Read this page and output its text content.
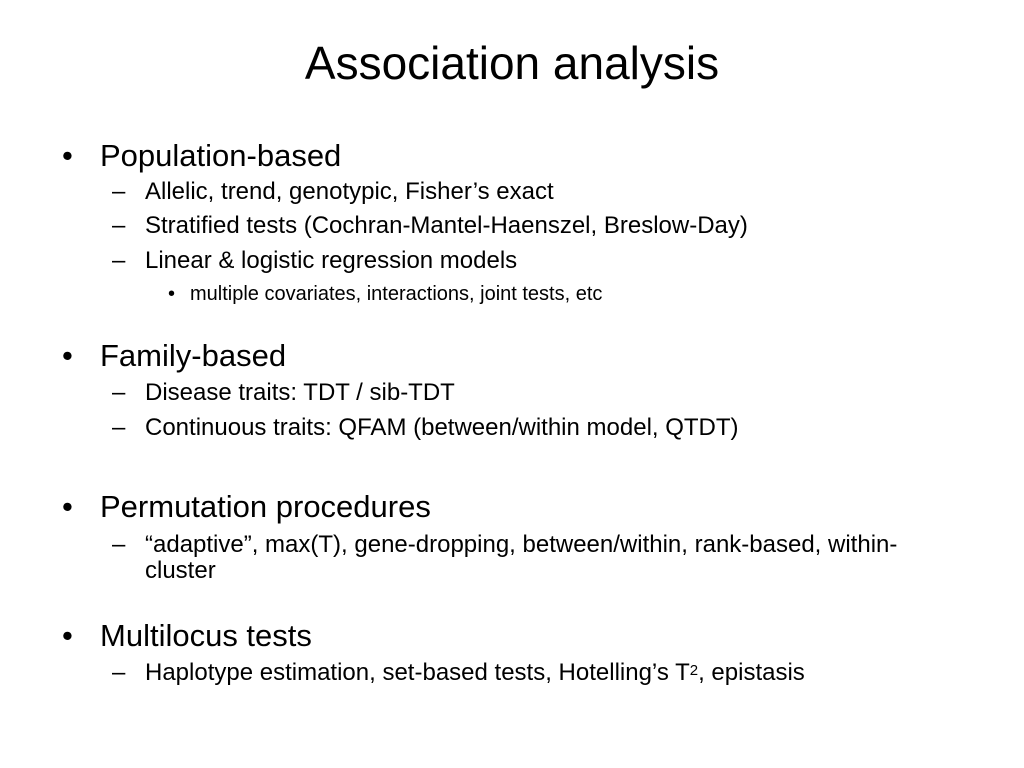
Association analysis
• Population-based
– Allelic, trend, genotypic, Fisher’s exact
– Stratified tests (Cochran-Mantel-Haenszel, Breslow-Day)
– Linear & logistic regression models
• multiple covariates, interactions, joint tests, etc
• Family-based
– Disease traits: TDT / sib-TDT
– Continuous traits: QFAM (between/within model, QTDT)
• Permutation procedures
– “adaptive”, max(T), gene-dropping, between/within, rank-based, within-cluster
• Multilocus tests
– Haplotype estimation, set-based tests, Hotelling’s $T^2$, epistasis
